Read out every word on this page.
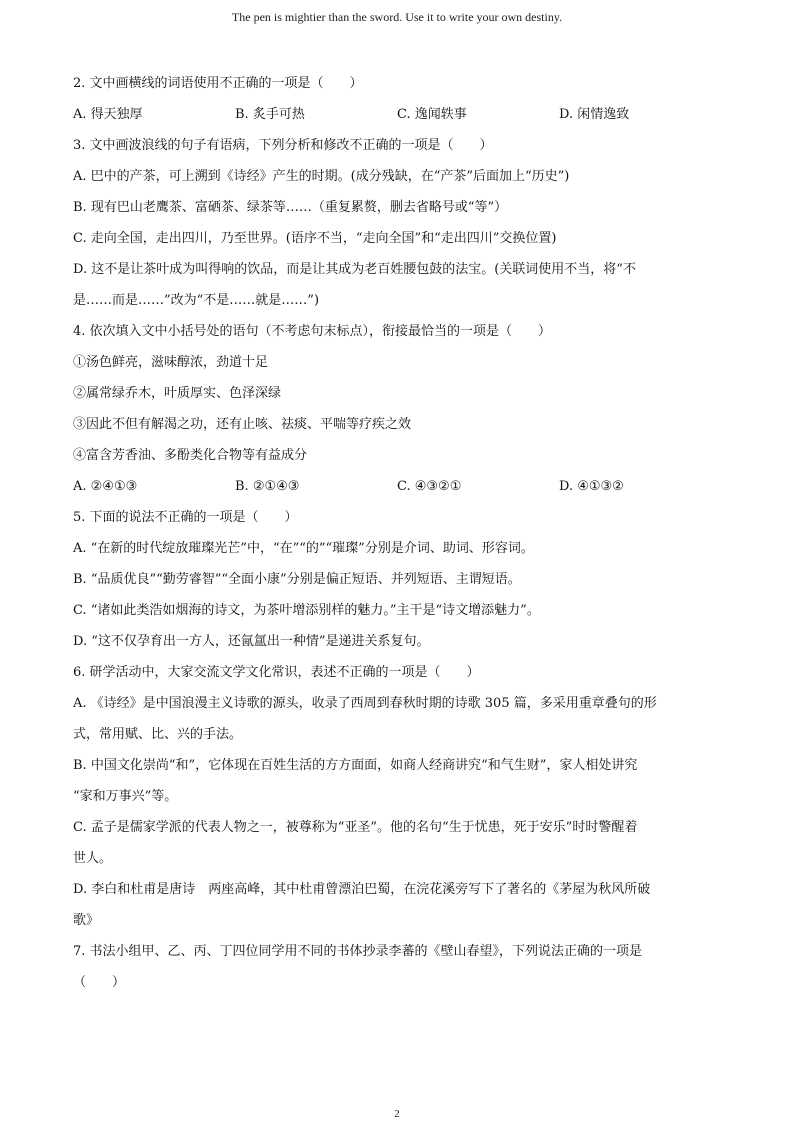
The pen is mightier than the sword. Use it to write your own destiny.
2. 文中画横线的词语使用不正确的一项是（　　）
A. 得天独厚	B. 炙手可热	C. 逸闻轶事	D. 闲情逸致
3. 文中画波浪线的句子有语病，下列分析和修改不正确的一项是（　　）
A. 巴中的产茶，可上溯到《诗经》产生的时期。(成分残缺，在“产茶”后面加上“历史”)
B. 现有巴山老鹰茶、富硒茶、绿茶等……（重复累赘，删去省略号或“等”）
C. 走向全国，走出四川，乃至世界。(语序不当，“走向全国”和“走出四川”交换位置)
D. 这不是让茶叶成为叫得响的饮品，而是让其成为老百姓腰包鼓的法宝。(关联词使用不当，将“不
是……而是……”改为“不是……就是……”)
4. 依次填入文中小括号处的语句（不考虑句末标点），衔接最恰当的一项是（　　）
①汤色鲜亮，滋味醇浓，劲道十足
②属常绿乔木，叶质厚实、色泽深绿
③因此不但有解渴之功，还有止咳、祛痰、平喘等疗疾之效
④富含芳香油、多酚类化合物等有益成分
A. ②④①③	B. ②①④③	C. ④③②①	D. ④①③②
5. 下面的说法不正确的一项是（　　）
A. “在新的时代绽放璀璨光芒”中，“在”“的”“璀璨”分别是介词、助词、形容词。
B. “品质优良”“勤劳睿智”“全面小康”分别是偏正短语、并列短语、主谓短语。
C. “诸如此类浩如烟海的诗文，为茶叶增添别样的魅力。”主干是“诗文增添魅力”。
D. “这不仅孕育出一方人，还氤氲出一种情”是递进关系复句。
6. 研学活动中，大家交流文学文化常识，表述不正确的一项是（　　）
A. 《诗经》是中国浪漫主义诗歌的源头，收录了西周到春秋时期的诗歌 305 篇，多采用重章叠句的形
式，常用赋、比、兴的手法。
B. 中国文化崇尚“和”，它体现在百姓生活的方方面面，如商人经商讲究“和气生财”，家人相处讲究
“家和万事兴”等。
C. 孟子是儒家学派的代表人物之一，被尊称为“亚圣”。他的名句“生于忧患，死于安乐”时时警醒着
世人。
D. 李白和杜甫是唐诗　两座高峰，其中杜甫曾漂泊巴蜀，在浣花溪旁写下了著名的《茅屋为秋风所破
歌》
7. 书法小组甲、乙、丙、丁四位同学用不同的书体抄录李蕃的《壁山春望》，下列说法正确的一项是
（　　）
2
